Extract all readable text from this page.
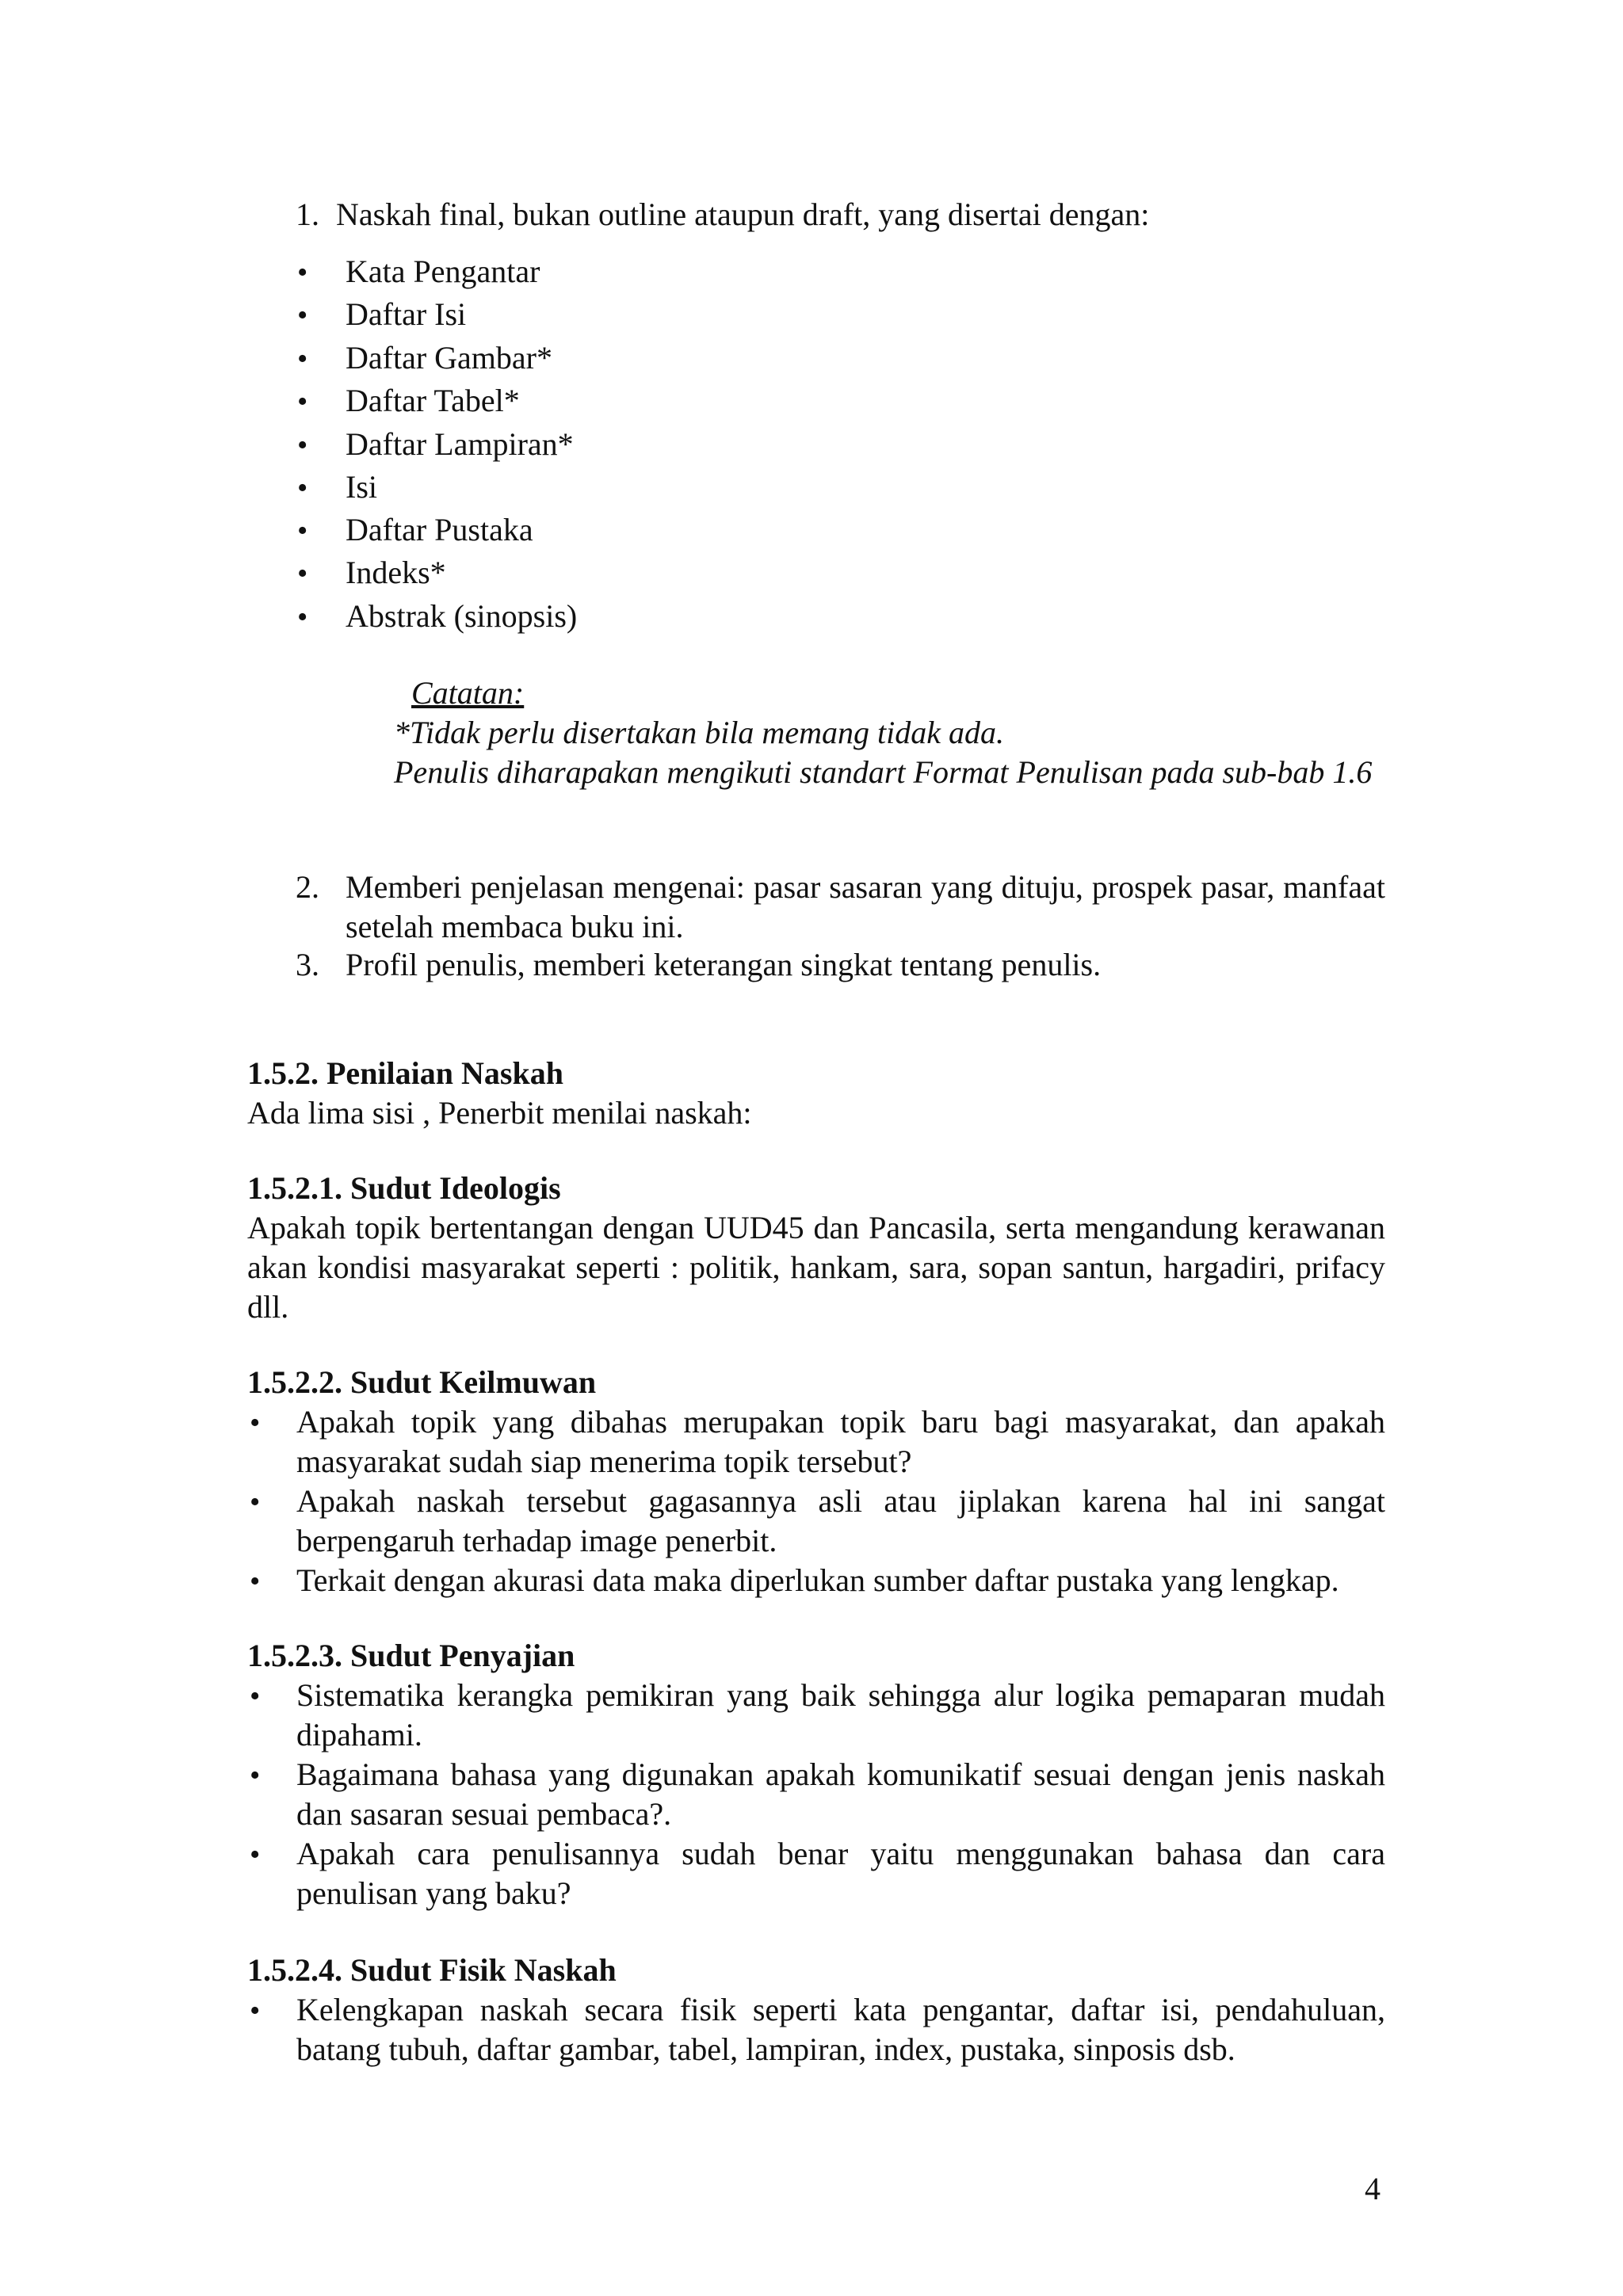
1. Naskah final, bukan outline ataupun draft, yang disertai dengan:
• Kata Pengantar
• Daftar Isi
• Daftar Gambar*
• Daftar Tabel*
• Daftar Lampiran*
• Isi
• Daftar Pustaka
• Indeks*
• Abstrak (sinopsis)
Catatan:
*Tidak perlu disertakan bila memang tidak ada.
Penulis diharapakan mengikuti standart Format Penulisan pada sub-bab 1.6
2. Memberi penjelasan mengenai: pasar sasaran yang dituju, prospek pasar, manfaat setelah membaca buku ini.
3. Profil penulis, memberi keterangan singkat tentang penulis.
1.5.2. Penilaian Naskah
Ada lima sisi , Penerbit menilai naskah:
1.5.2.1. Sudut Ideologis
Apakah topik bertentangan dengan UUD45 dan Pancasila, serta mengandung kerawanan akan kondisi masyarakat seperti : politik, hankam, sara, sopan santun, hargadiri, prifacy dll.
1.5.2.2. Sudut Keilmuwan
• Apakah topik yang dibahas merupakan topik baru bagi masyarakat, dan apakah masyarakat sudah siap menerima topik tersebut?
• Apakah naskah tersebut gagasannya asli atau jiplakan karena hal ini sangat berpengaruh terhadap image penerbit.
• Terkait dengan akurasi data maka diperlukan sumber daftar pustaka yang lengkap.
1.5.2.3. Sudut Penyajian
• Sistematika kerangka pemikiran yang baik sehingga alur logika pemaparan mudah dipahami.
• Bagaimana bahasa yang digunakan apakah komunikatif sesuai dengan jenis naskah dan sasaran sesuai pembaca?.
• Apakah cara penulisannya sudah benar yaitu menggunakan bahasa dan cara penulisan yang baku?
1.5.2.4. Sudut Fisik Naskah
• Kelengkapan naskah secara fisik seperti kata pengantar, daftar isi, pendahuluan, batang tubuh, daftar gambar, tabel, lampiran, index, pustaka, sinposis dsb.
4
